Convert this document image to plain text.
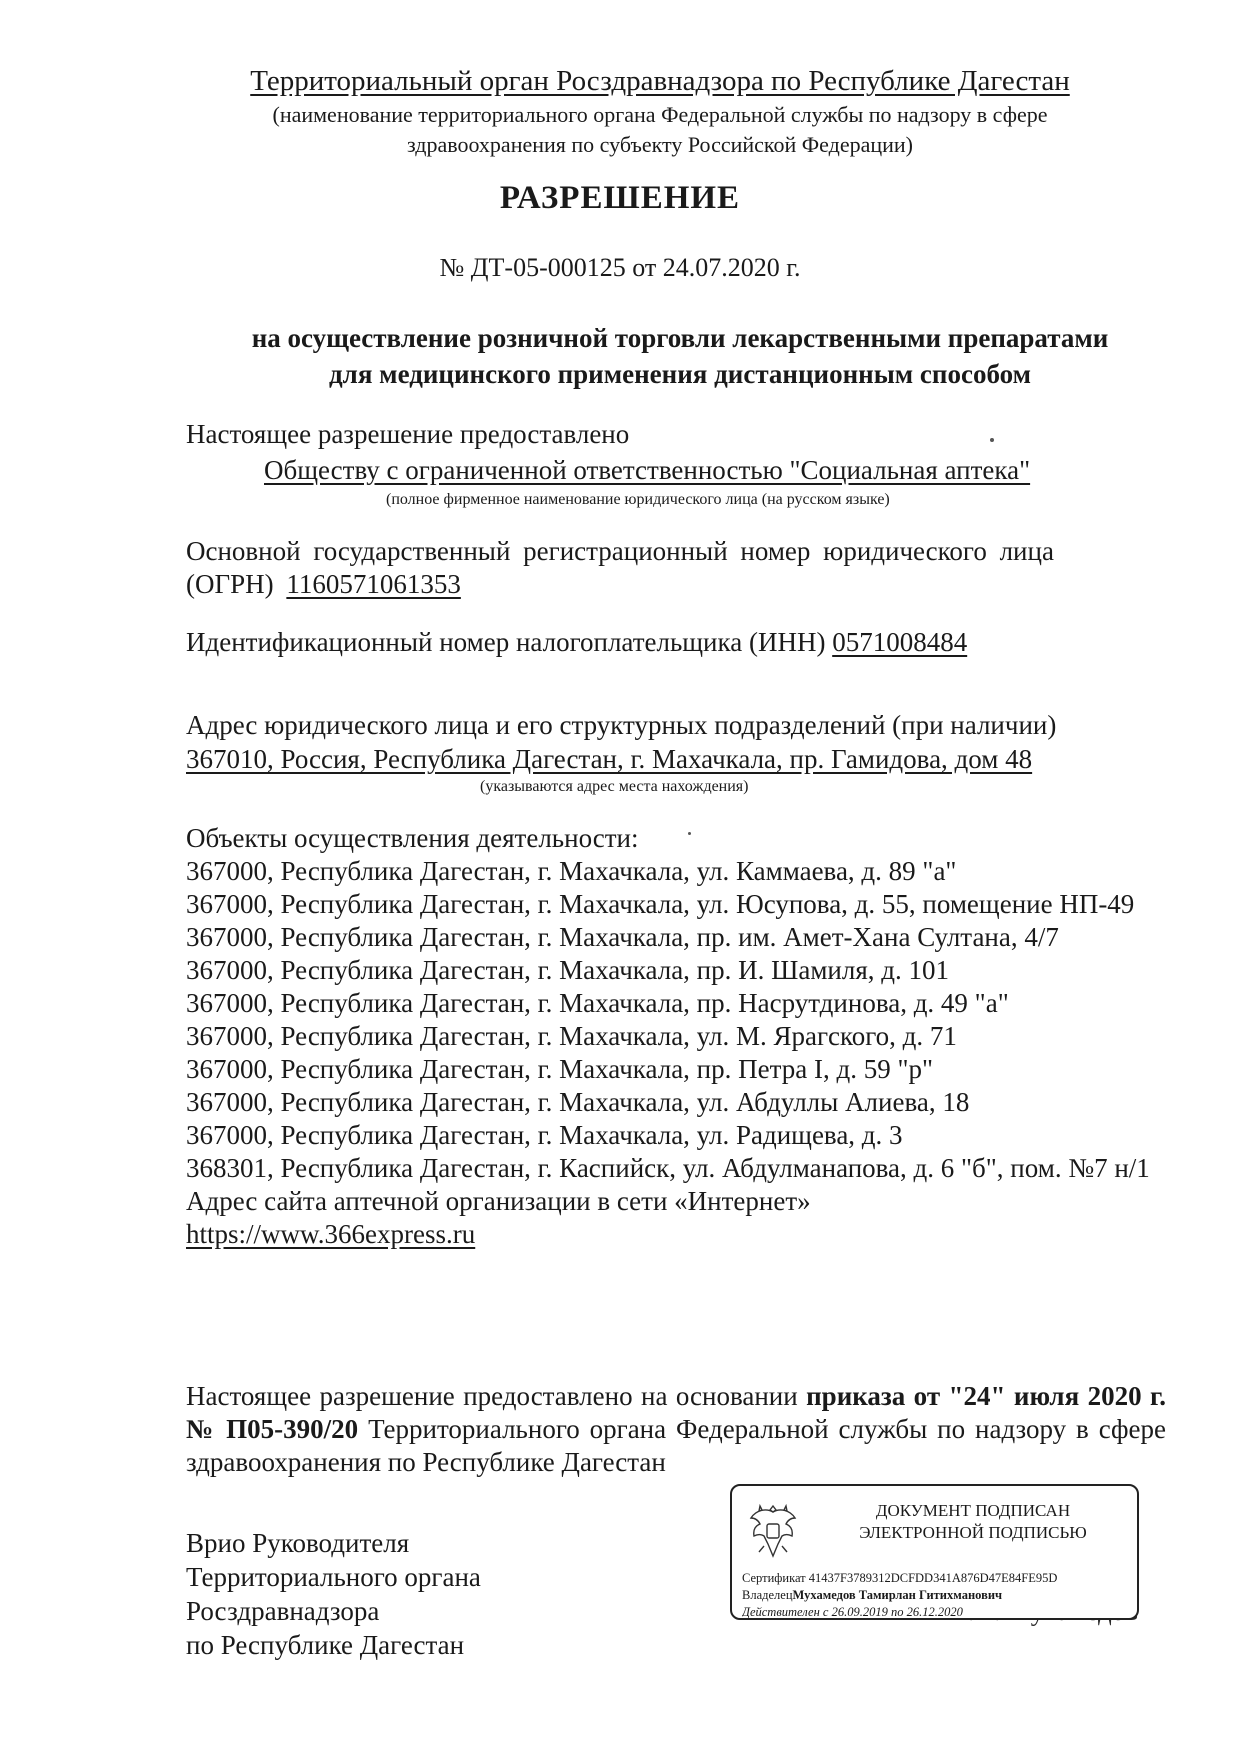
Территориальный орган Росздравнадзора по Республике Дагестан
(наименование территориального органа Федеральной службы по надзору в сфере
здравоохранения по субъекту Российской Федерации)
РАЗРЕШЕНИЕ
№ ДТ-05-000125 от 24.07.2020 г.
на осуществление розничной торговли лекарственными препаратами
для медицинского применения дистанционным способом
Настоящее разрешение предоставлено
Обществу с ограниченной ответственностью "Социальная аптека"
(полное фирменное наименование юридического лица (на русском языке)
Основной государственный регистрационный номер юридического лица
(ОГРН) 1160571061353
Идентификационный номер налогоплательщика (ИНН) 0571008484
Адрес юридического лица и его структурных подразделений (при наличии)
367010, Россия, Республика Дагестан, г. Махачкала, пр. Гамидова, дом 48
(указываются адрес места нахождения)
Объекты осуществления деятельности:
367000, Республика Дагестан, г. Махачкала, ул. Каммаева, д. 89 "а"
367000, Республика Дагестан, г. Махачкала, ул. Юсупова, д. 55, помещение НП-49
367000, Республика Дагестан, г. Махачкала, пр. им. Амет-Хана Султана, 4/7
367000, Республика Дагестан, г. Махачкала, пр. И. Шамиля, д. 101
367000, Республика Дагестан, г. Махачкала, пр. Насрутдинова, д. 49 "а"
367000, Республика Дагестан, г. Махачкала, ул. М. Ярагского, д. 71
367000, Республика Дагестан, г. Махачкала, пр. Петра I, д. 59 "р"
367000, Республика Дагестан, г. Махачкала, ул. Абдуллы Алиева, 18
367000, Республика Дагестан, г. Махачкала, ул. Радищева, д. 3
368301, Республика Дагестан, г. Каспийск, ул. Абдулманапова, д. 6 "б", пом. №7 н/1
Адрес сайта аптечной организации в сети «Интернет»
https://www.366express.ru
Настоящее разрешение предоставлено на основании приказа от "24" июля 2020 г. № П05-390/20 Территориального органа Федеральной службы по надзору в сфере здравоохранения по Республике Дагестан
Врио Руководителя
Территориального органа
Росздравнадзора
по Республике Дагестан
ДОКУМЕНТ ПОДПИСАН
ЭЛЕКТРОННОЙ ПОДПИСЬЮ
Сертификат 41437F3789312DCFDD341A876D47E84FE95D
ВладелецМухамедов Тамирлан Гитихманович
Действителен с 26.09.2019 по 26.12.2020
